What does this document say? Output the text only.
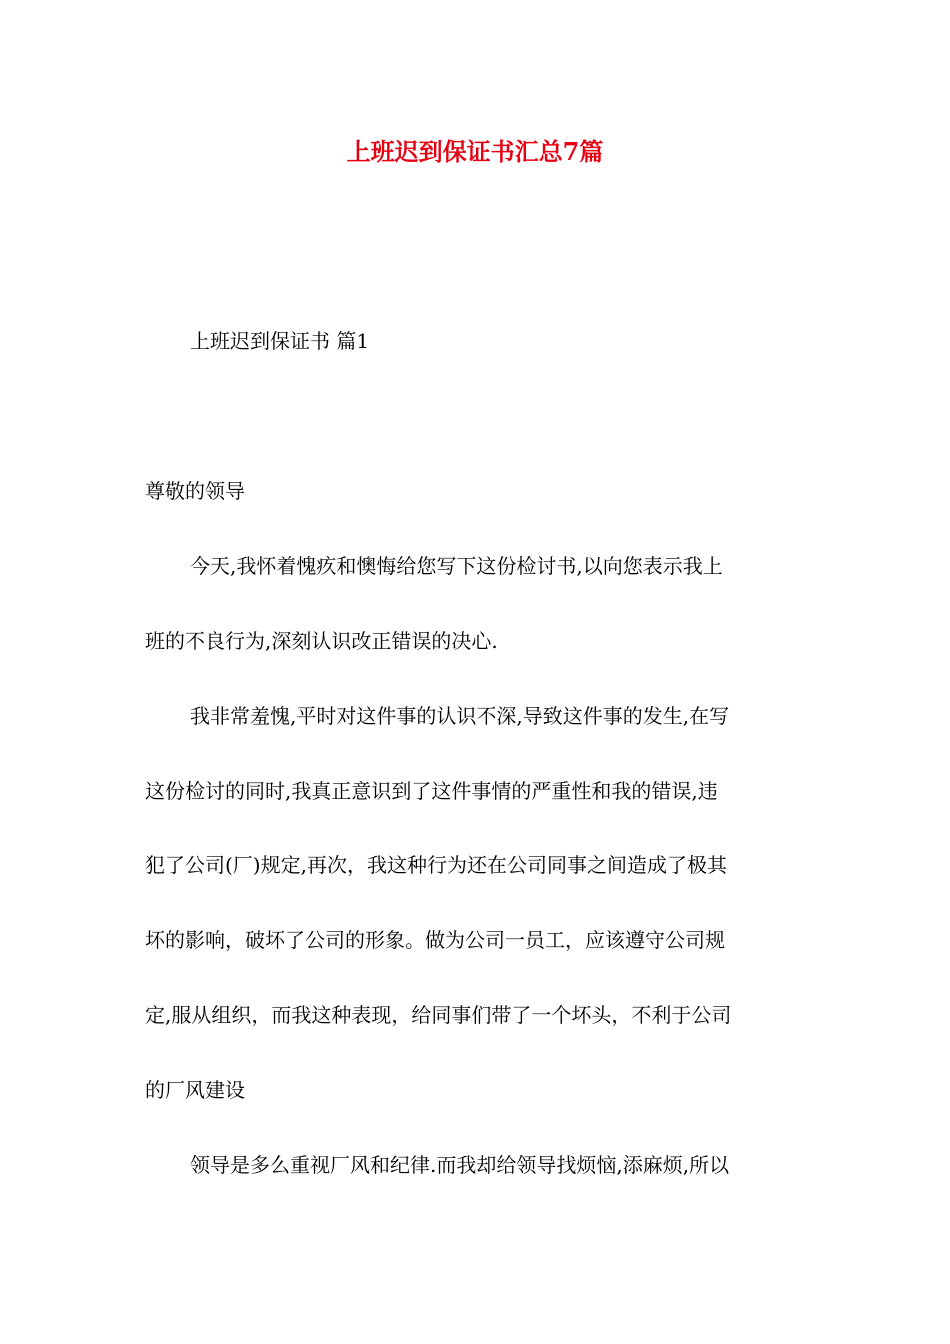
上班迟到保证书汇总7篇

上班迟到保证书 篇1

尊敬的领导

今天,我怀着愧疚和懊悔给您写下这份检讨书,以向您表示我上

班的不良行为,深刻认识改正错误的决心.

我非常羞愧,平时对这件事的认识不深,导致这件事的发生,在写

这份检讨的同时,我真正意识到了这件事情的严重性和我的错误,违

犯了公司(厂)规定,再次，我这种行为还在公司同事之间造成了极其

坏的影响，破坏了公司的形象。做为公司一员工，应该遵守公司规

定,服从组织，而我这种表现，给同事们带了一个坏头，不利于公司

的厂风建设

领导是多么重视厂风和纪律.而我却给领导找烦恼,添麻烦,所以
